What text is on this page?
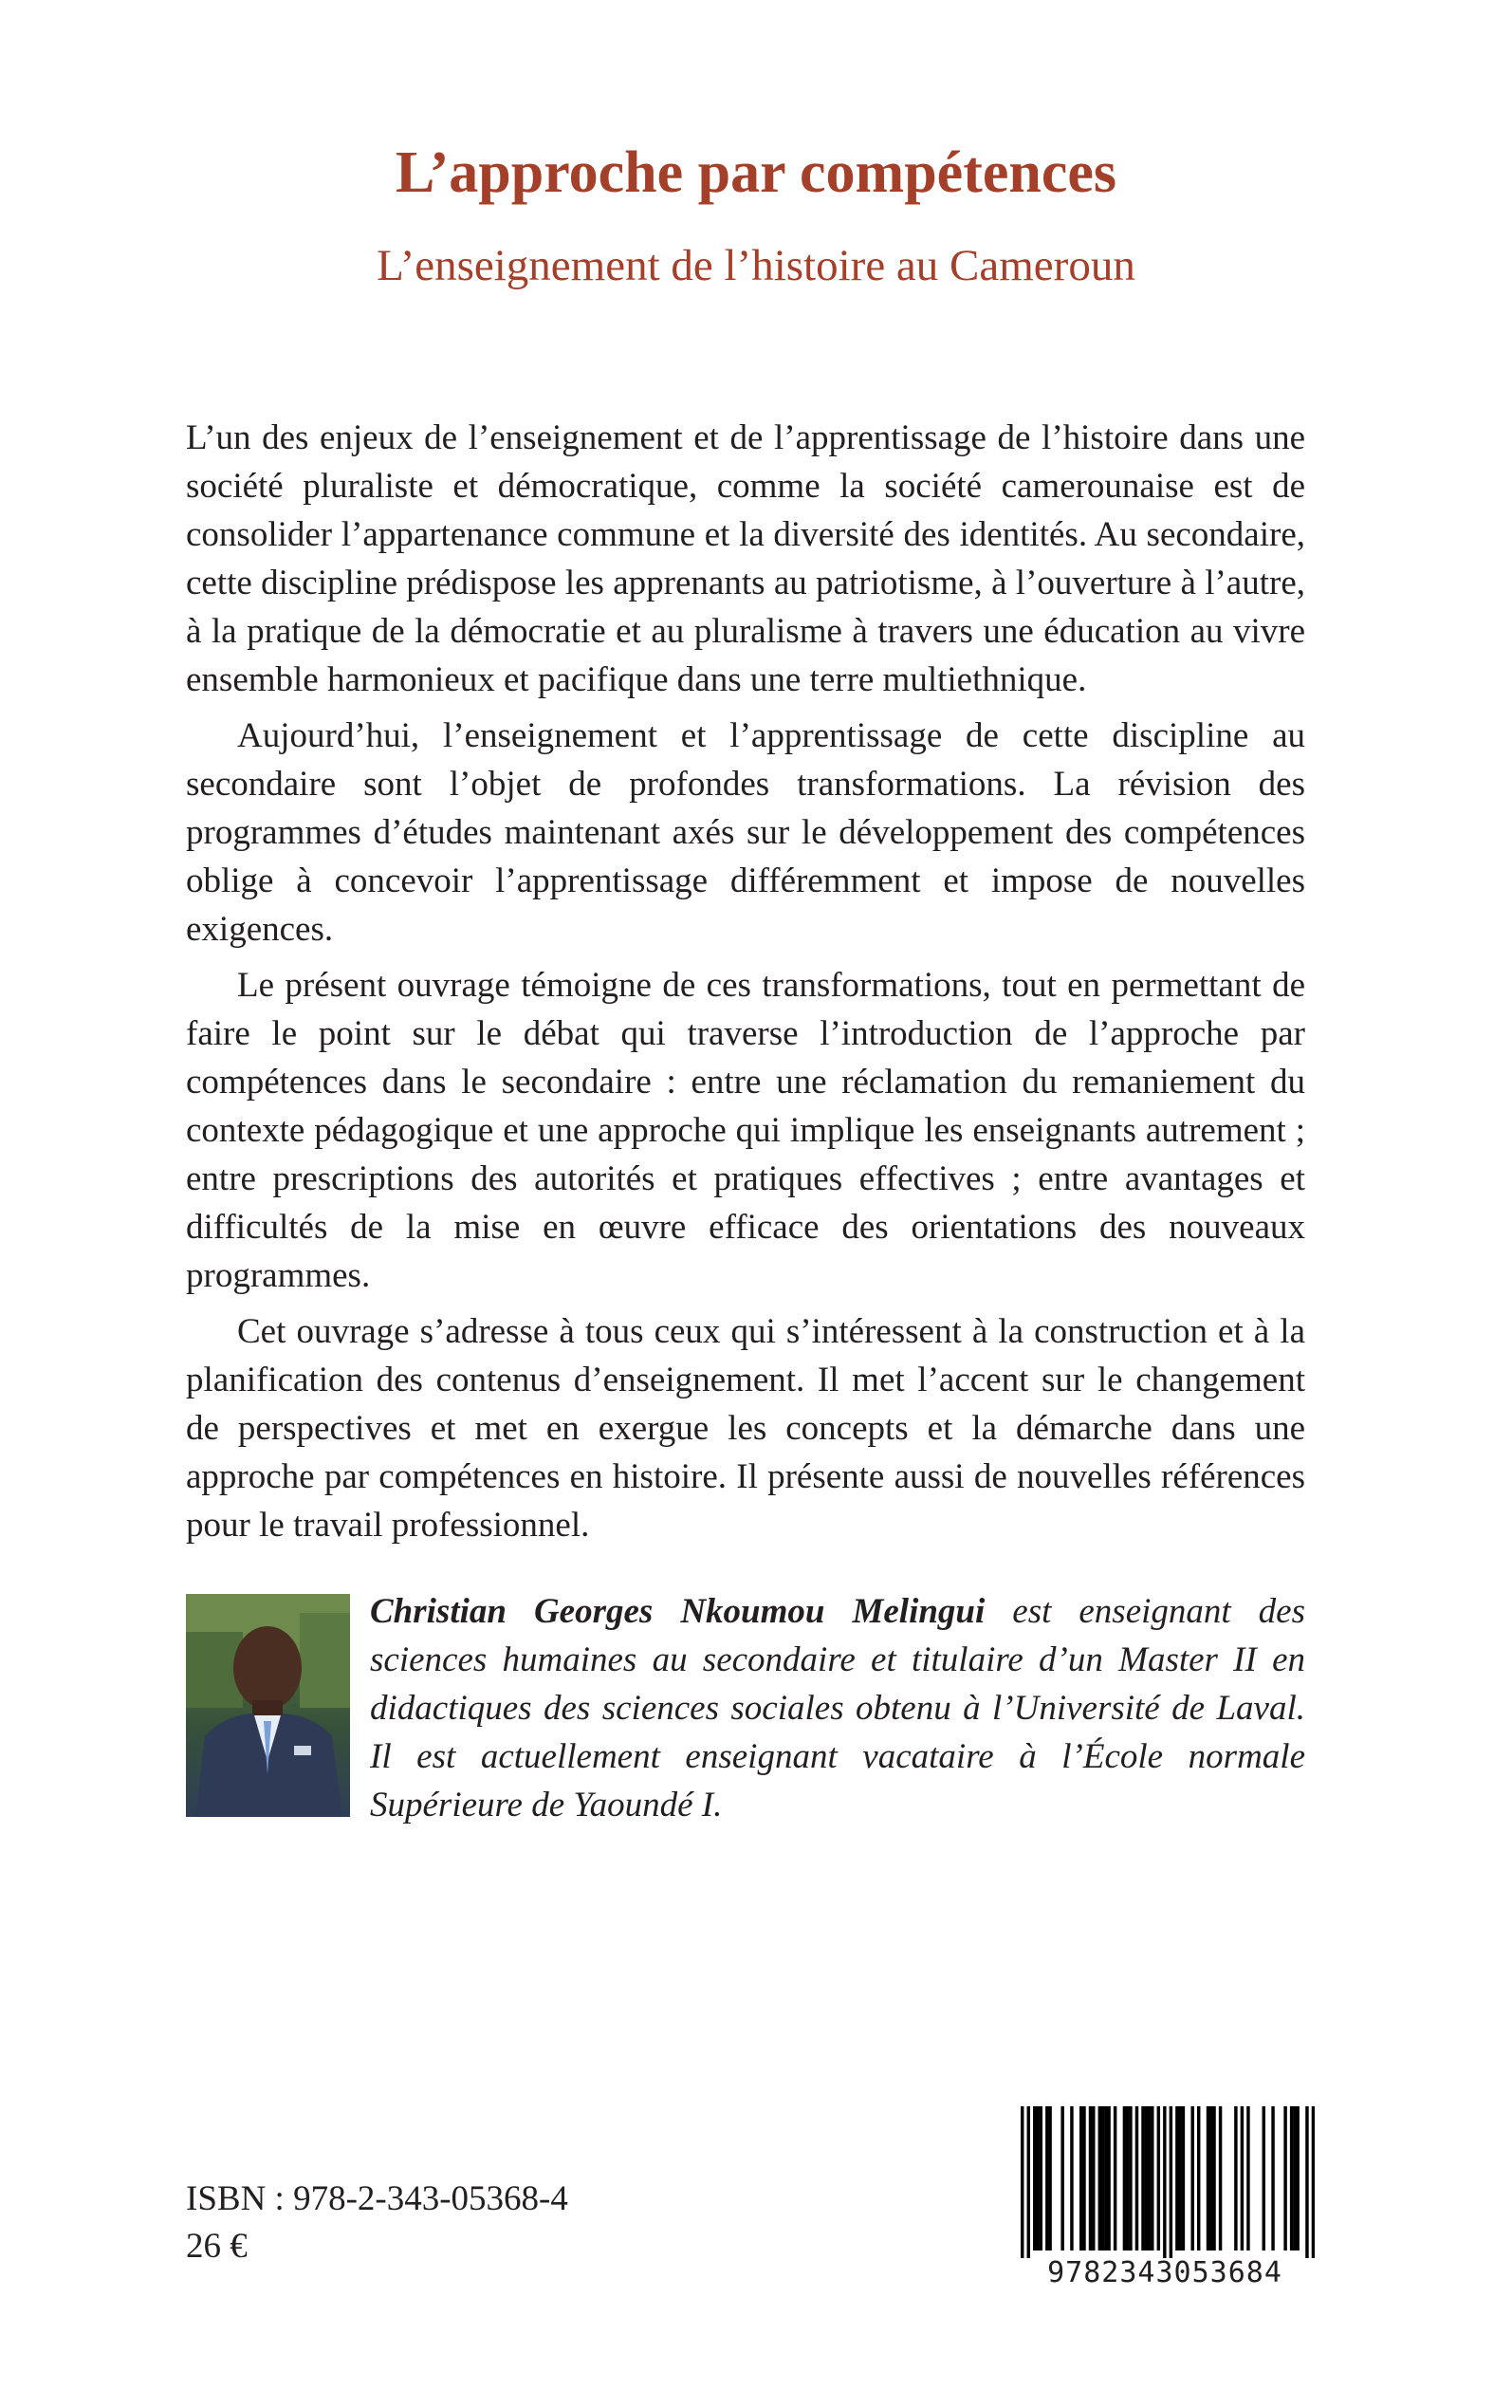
L’approche par compétences
L’enseignement de l’histoire au Cameroun

L’un des enjeux de l’enseignement et de l’apprentissage de l’histoire dans une société pluraliste et démocratique, comme la société camerounaise est de consolider l’appartenance commune et la diversité des identités. Au secondaire, cette discipline prédispose les apprenants au patriotisme, à l’ouverture à l’autre, à la pratique de la démocratie et au pluralisme à travers une éducation au vivre ensemble harmonieux et pacifique dans une terre multiethnique.

Aujourd’hui, l’enseignement et l’apprentissage de cette discipline au secondaire sont l’objet de profondes transformations. La révision des programmes d’études maintenant axés sur le développement des compétences oblige à concevoir l’apprentissage différemment et impose de nouvelles exigences.

Le présent ouvrage témoigne de ces transformations, tout en permettant de faire le point sur le débat qui traverse l’introduction de l’approche par compétences dans le secondaire : entre une réclamation du remaniement du contexte pédagogique et une approche qui implique les enseignants autrement ; entre prescriptions des autorités et pratiques effectives ; entre avantages et difficultés de la mise en œuvre efficace des orientations des nouveaux programmes.

Cet ouvrage s’adresse à tous ceux qui s’intéressent à la construction et à la planification des contenus d’enseignement. Il met l’accent sur le changement de perspectives et met en exergue les concepts et la démarche dans une approche par compétences en histoire. Il présente aussi de nouvelles références pour le travail professionnel.

Christian Georges Nkoumou Melingui est enseignant des sciences humaines au secondaire et titulaire d’un Master II en didactiques des sciences sociales obtenu à l’Université de Laval. Il est actuellement enseignant vacataire à l’École normale Supérieure de Yaoundé I.
ISBN : 978-2-343-05368-4
26 €
9782343053684
